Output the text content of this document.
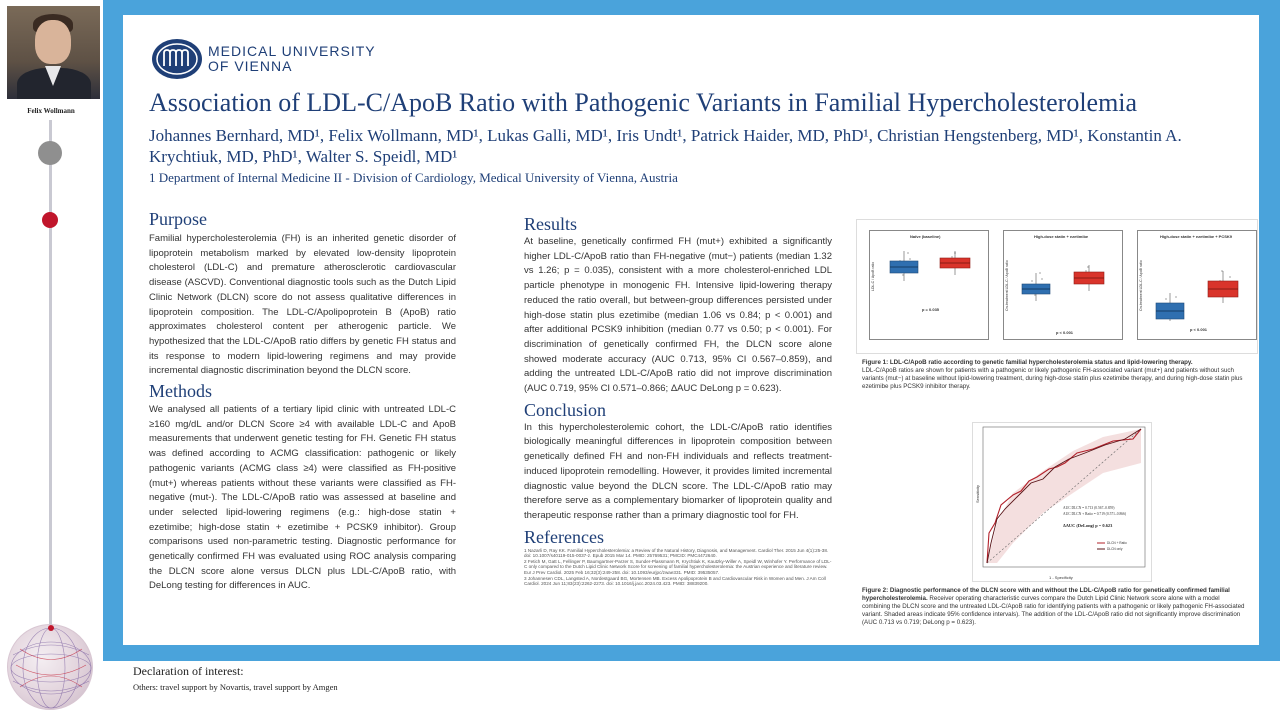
Felix Wollmann
MEDICAL UNIVERSITY
OF VIENNA
Association of LDL-C/ApoB Ratio with Pathogenic Variants in Familial Hypercholesterolemia
Johannes Bernhard, MD¹, Felix Wollmann, MD¹, Lukas Galli, MD¹, Iris Undt¹, Patrick Haider, MD, PhD¹, Christian Hengstenberg, MD¹, Konstantin A. Krychtiuk, MD, PhD¹, Walter S. Speidl, MD¹
1 Department of Internal Medicine II - Division of Cardiology, Medical University of Vienna, Austria
Purpose

Familial hypercholesterolemia (FH) is an inherited genetic disorder of lipoprotein metabolism marked by elevated low-density lipoprotein cholesterol (LDL-C) and premature atherosclerotic cardiovascular disease (ASCVD). Conventional diagnostic tools such as the Dutch Lipid Clinic Network (DLCN) score do not assess qualitative differences in lipoprotein composition. The LDL-C/Apolipoprotein B (ApoB) ratio approximates cholesterol content per atherogenic particle. We hypothesized that the LDL-C/ApoB ratio differs by genetic FH status and its response to modern lipid-lowering regimens and may provide incremental diagnostic discrimination beyond the DLCN score.

Methods

We analysed all patients of a tertiary lipid clinic with untreated LDL-C ≥160 mg/dL and/or DLCN Score ≥4 with available LDL-C and ApoB measurements that underwent genetic testing for FH. Genetic FH status was defined according to ACMG classification: pathogenic or likely pathogenic variants (ACMG class ≥4) were classified as FH-positive (mut+) whereas patients without these variants were classified as FH-negative (mut-). The LDL-C/ApoB ratio was assessed at baseline and under selected lipid-lowering regimens (e.g.: high-dose statin + ezetimibe; high-dose statin + ezetimibe + PCSK9 inhibitor). Group comparisons used non-parametric testing. Diagnostic performance for genetically confirmed FH was evaluated using ROC analysis comparing the DLCN score alone versus DLCN plus LDL-C/ApoB ratio, with DeLong testing for differences in AUC.

Results

At baseline, genetically confirmed FH (mut+) exhibited a significantly higher LDL-C/ApoB ratio than FH-negative (mut−) patients (median 1.32 vs 1.26; p = 0.035), consistent with a more cholesterol-enriched LDL particle phenotype in monogenic FH. Intensive lipid-lowering therapy reduced the ratio overall, but between-group differences persisted under high-dose statin plus ezetimibe (median 1.06 vs 0.84; p < 0.001) and after additional PCSK9 inhibition (median 0.77 vs 0.50; p < 0.001). For discrimination of genetically confirmed FH, the DLCN score alone showed moderate accuracy (AUC 0.713, 95% CI 0.567–0.859), and adding the untreated LDL-C/ApoB ratio did not improve discrimination (AUC 0.719, 95% CI 0.571–0.866; ΔAUC DeLong p = 0.623).

Conclusion

In this hypercholesterolemic cohort, the LDL-C/ApoB ratio identifies biologically meaningful differences in lipoprotein composition between genetically defined FH and non-FH individuals and reflects treatment-induced lipoprotein remodelling. However, it provides limited incremental diagnostic value beyond the DLCN score. The LDL-C/ApoB ratio may therefore serve as a complementary biomarker of lipoprotein quality and therapeutic response rather than a primary diagnostic tool for FH.

References
1 Nazarli D, Ray KK. Familial Hypercholesterolemia: a Review of the Natural History, Diagnosis, and Management. Cardiol Ther. 2015 Jun 4(1):25-38. doi: 10.1007/s40119-015-0037-z. Epub 2015 Mar 14. PMID: 25769531; PMCID: PMC4472640.
2 Fetich M, Gatt L, Fellinger P, Baumgartner-Parzer S, Sunder-Plassmann R, Krychtiuk K, Kautzky-Willer A, Speidl W, Winhofer Y. Performance of LDL-C only compared to the Dutch Lipid Clinic Network Score for screening of familial hypercholesterolemia: the Austrian experience and literature review. Eur J Prev Cardiol. 2025 Feb 16;32(3):249-258. doi: 10.1093/eurjpc/zwae331. PMID: 39535057.
3 Johannesen CDL, Langsted A, Nordestgaard BG, Mortensen MB. Excess Apolipoprotein B and Cardiovascular Risk in Women and Men. J Am Coll Cardiol. 2024 Jun 11;83(23):2262-2273. doi: 10.1016/j.jacc.2024.03.423. PMID: 38839200.
Naïve (baseline)
p = 0.035
LDL-C / ApoB ratio
High-dose statin + ezetimibe
p < 0.001
On-treatment LDL-C / ApoB ratio
High-dose statin + ezetimibe + PCSK9
p < 0.001
On-treatment LDL-C / ApoB ratio
Figure 1: LDL-C/ApoB ratio according to genetic familial hypercholesterolemia status and lipid-lowering therapy.
LDL-C/ApoB ratios are shown for patients with a pathogenic or likely pathogenic FH-associated variant (mut+) and patients without such variants (mut−) at baseline without lipid-lowering treatment, during high-dose statin plus ezetimibe therapy, and during high-dose statin plus ezetimibe plus PCSK9 inhibitor therapy.
AUC DLCN = 0.713 (0.567–0.859)
AUC DLCN + Ratio = 0.719 (0.571–0.866)
ΔAUC (DeLong) p = 0.623
DLCN + Ratio
DLCN only
Sensitivity
1 - Specificity
Figure 2: Diagnostic performance of the DLCN score with and without the LDL-C/ApoB ratio for genetically confirmed familial hypercholesterolemia. Receiver operating characteristic curves compare the Dutch Lipid Clinic Network score alone with a model combining the DLCN score and the untreated LDL-C/ApoB ratio for identifying patients with a pathogenic or likely pathogenic FH-associated variant. Shaded areas indicate 95% confidence intervals). The addition of the LDL-C/ApoB ratio did not significantly improve discrimination (AUC 0.713 vs 0.719; DeLong p = 0.623).
Declaration of interest:
Others: travel support by Novartis, travel support by Amgen
